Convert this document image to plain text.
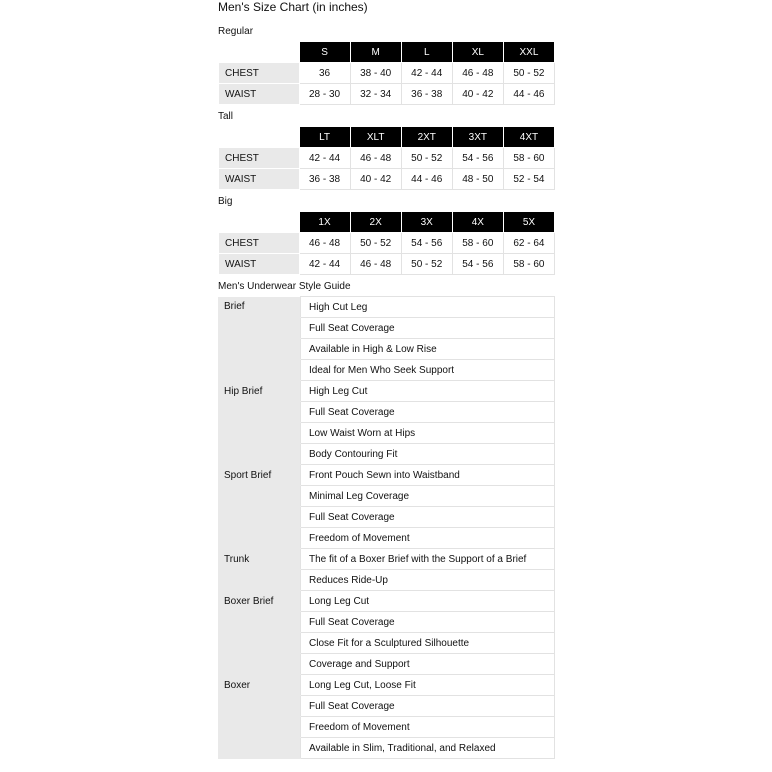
Men's Size Chart (in inches)
Regular
	S	M	L	XL	XXL
CHEST	36	38 - 40	42 - 44	46 - 48	50 - 52
WAIST	28 - 30	32 - 34	36 - 38	40 - 42	44 - 46
Tall
	LT	XLT	2XT	3XT	4XT
CHEST	42 - 44	46 - 48	50 - 52	54 - 56	58 - 60
WAIST	36 - 38	40 - 42	44 - 46	48 - 50	52 - 54
Big
	1X	2X	3X	4X	5X
CHEST	46 - 48	50 - 52	54 - 56	58 - 60	62 - 64
WAIST	42 - 44	46 - 48	50 - 52	54 - 56	58 - 60
Men's Underwear Style Guide
Brief	High Cut Leg
	Full Seat Coverage
	Available in High & Low Rise
	Ideal for Men Who Seek Support
Hip Brief	High Leg Cut
	Full Seat Coverage
	Low Waist Worn at Hips
	Body Contouring Fit
Sport Brief	Front Pouch Sewn into Waistband
	Minimal Leg Coverage
	Full Seat Coverage
	Freedom of Movement
Trunk	The fit of a Boxer Brief with the Support of a Brief
	Reduces Ride-Up
Boxer Brief	Long Leg Cut
	Full Seat Coverage
	Close Fit for a Sculptured Silhouette
	Coverage and Support
Boxer	Long Leg Cut, Loose Fit
	Full Seat Coverage
	Freedom of Movement
	Available in Slim, Traditional, and Relaxed
